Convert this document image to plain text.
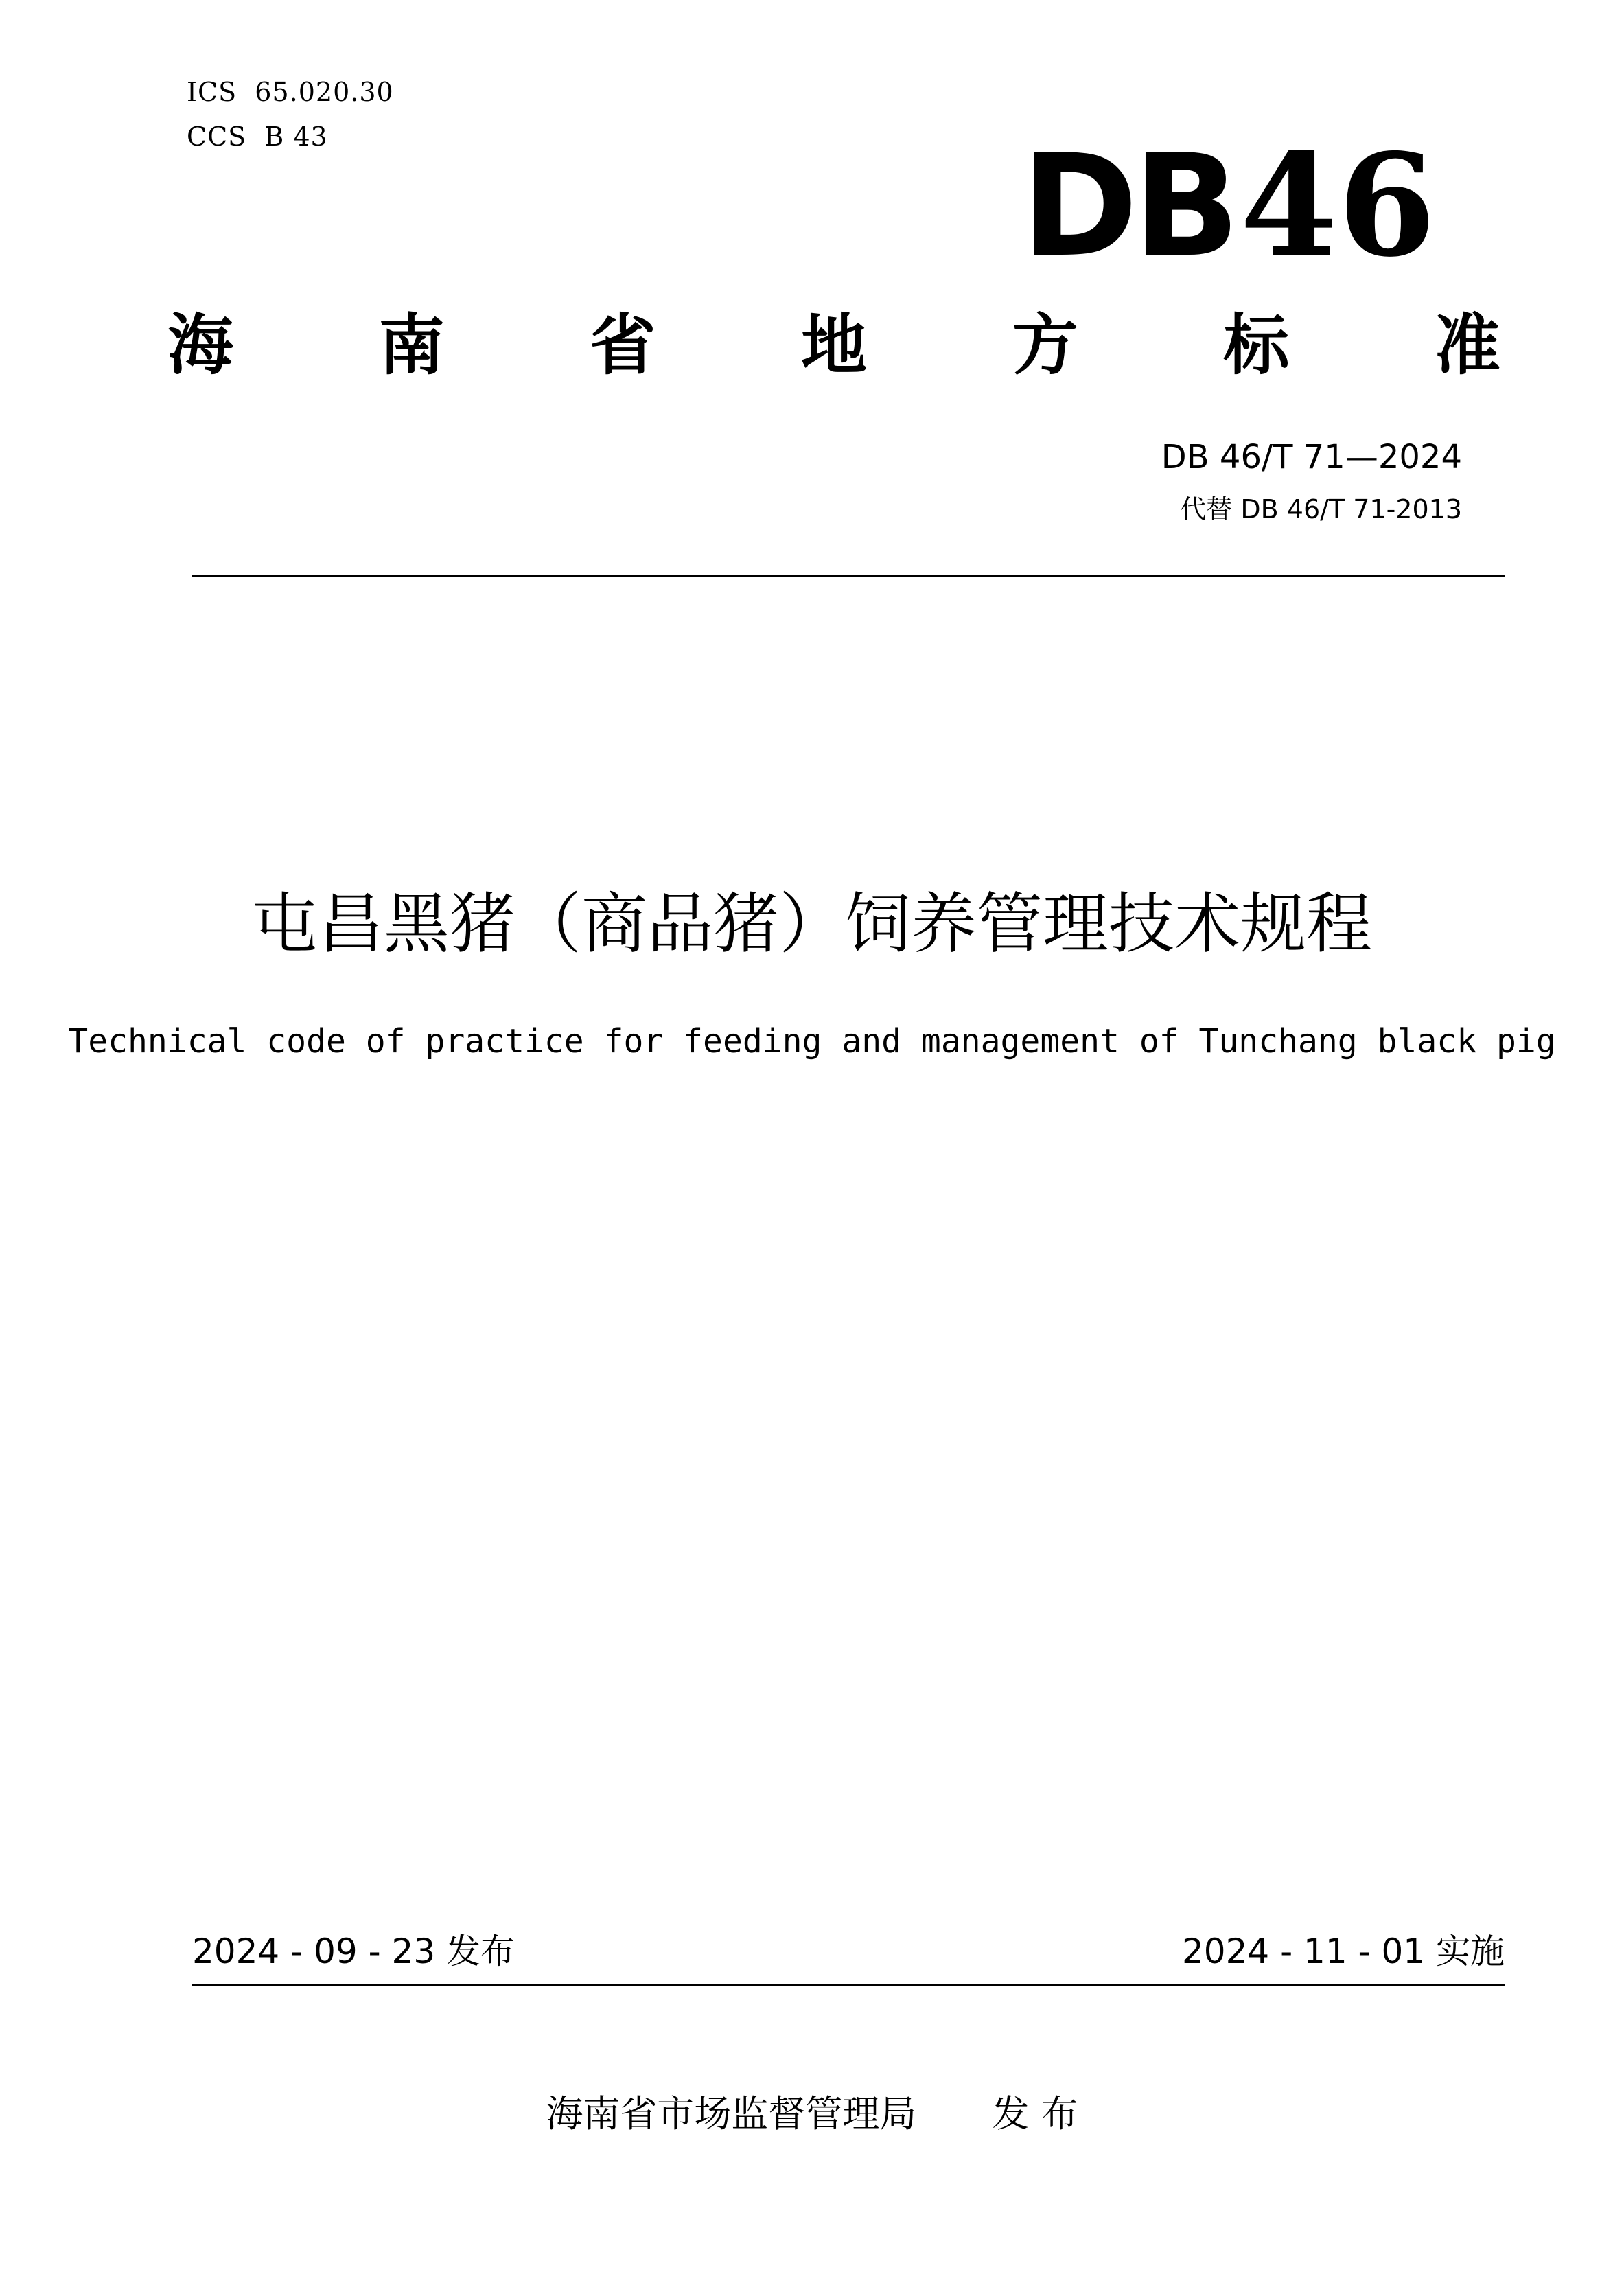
ICS  65.020.30
CCS  B 43	DB46
海 南 省 地 方 标 准
DB 46/T 71—2024
代替 DB 46/T 71-2013
屯昌黑猪（商品猪）饲养管理技术规程
Technical code of practice for feeding and management of Tunchang black pig
2024 - 09 - 23 发布	2024 - 11 - 01 实施
海南省市场监督管理局 发 布
